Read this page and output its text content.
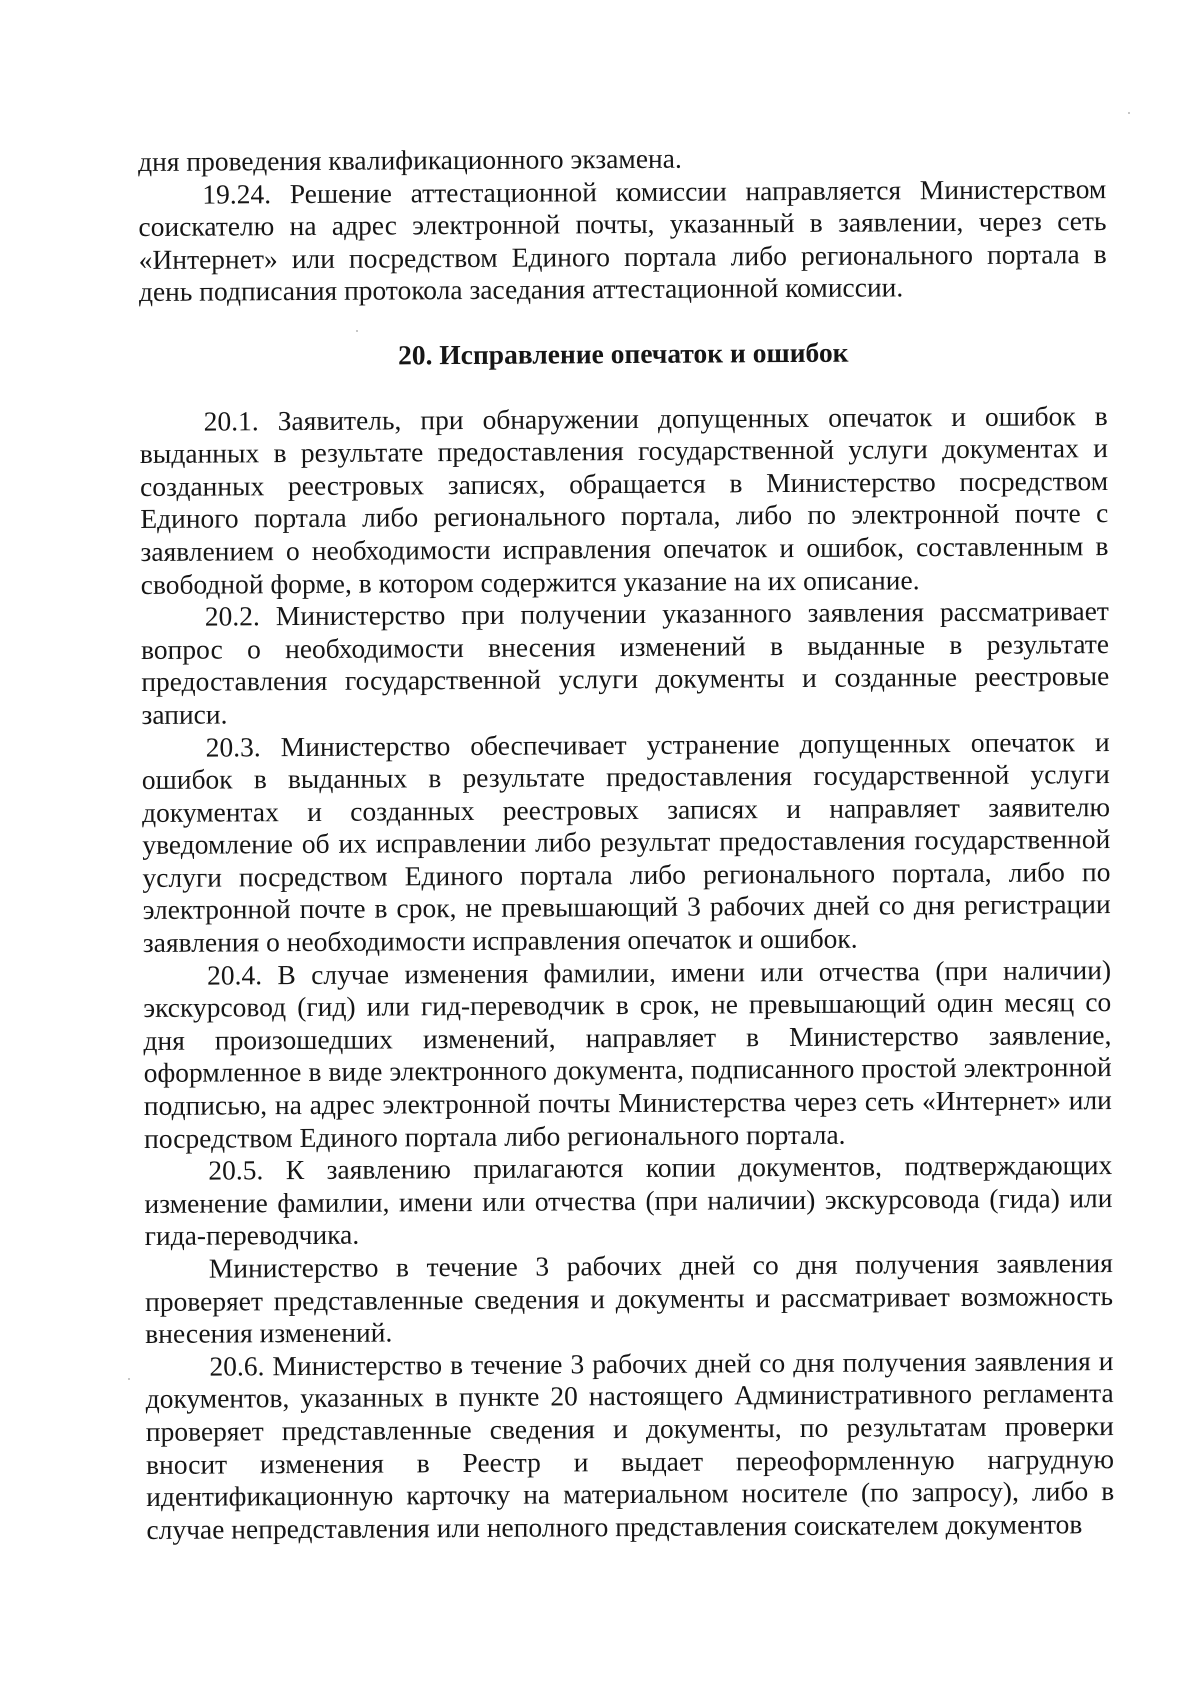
дня проведения квалификационного экзамена.

19.24. Решение аттестационной комиссии направляется Министерством соискателю на адрес электронной почты, указанный в заявлении, через сеть «Интернет» или посредством Единого портала либо регионального портала в день подписания протокола заседания аттестационной комиссии.

20. Исправление опечаток и ошибок

20.1. Заявитель, при обнаружении допущенных опечаток и ошибок в выданных в результате предоставления государственной услуги документах и созданных реестровых записях, обращается в Министерство посредством Единого портала либо регионального портала, либо по электронной почте с заявлением о необходимости исправления опечаток и ошибок, составленным в свободной форме, в котором содержится указание на их описание.

20.2. Министерство при получении указанного заявления рассматривает вопрос о необходимости внесения изменений в выданные в результате предоставления государственной услуги документы и созданные реестровые записи.

20.3. Министерство обеспечивает устранение допущенных опечаток и ошибок в выданных в результате предоставления государственной услуги документах и созданных реестровых записях и направляет заявителю уведомление об их исправлении либо результат предоставления государственной услуги посредством Единого портала либо регионального портала, либо по электронной почте в срок, не превышающий 3 рабочих дней со дня регистрации заявления о необходимости исправления опечаток и ошибок.

20.4. В случае изменения фамилии, имени или отчества (при наличии) экскурсовод (гид) или гид-переводчик в срок, не превышающий один месяц со дня произошедших изменений, направляет в Министерство заявление, оформленное в виде электронного документа, подписанного простой электронной подписью, на адрес электронной почты Министерства через сеть «Интернет» или посредством Единого портала либо регионального портала.

20.5. К заявлению прилагаются копии документов, подтверждающих изменение фамилии, имени или отчества (при наличии) экскурсовода (гида) или гида-переводчика.

Министерство в течение 3 рабочих дней со дня получения заявления проверяет представленные сведения и документы и рассматривает возможность внесения изменений.

20.6. Министерство в течение 3 рабочих дней со дня получения заявления и документов, указанных в пункте 20 настоящего Административного регламента проверяет представленные сведения и документы, по результатам проверки вносит изменения в Реестр и выдает переоформленную нагрудную идентификационную карточку на материальном носителе (по запросу), либо в случае непредставления или неполного представления соискателем документов
